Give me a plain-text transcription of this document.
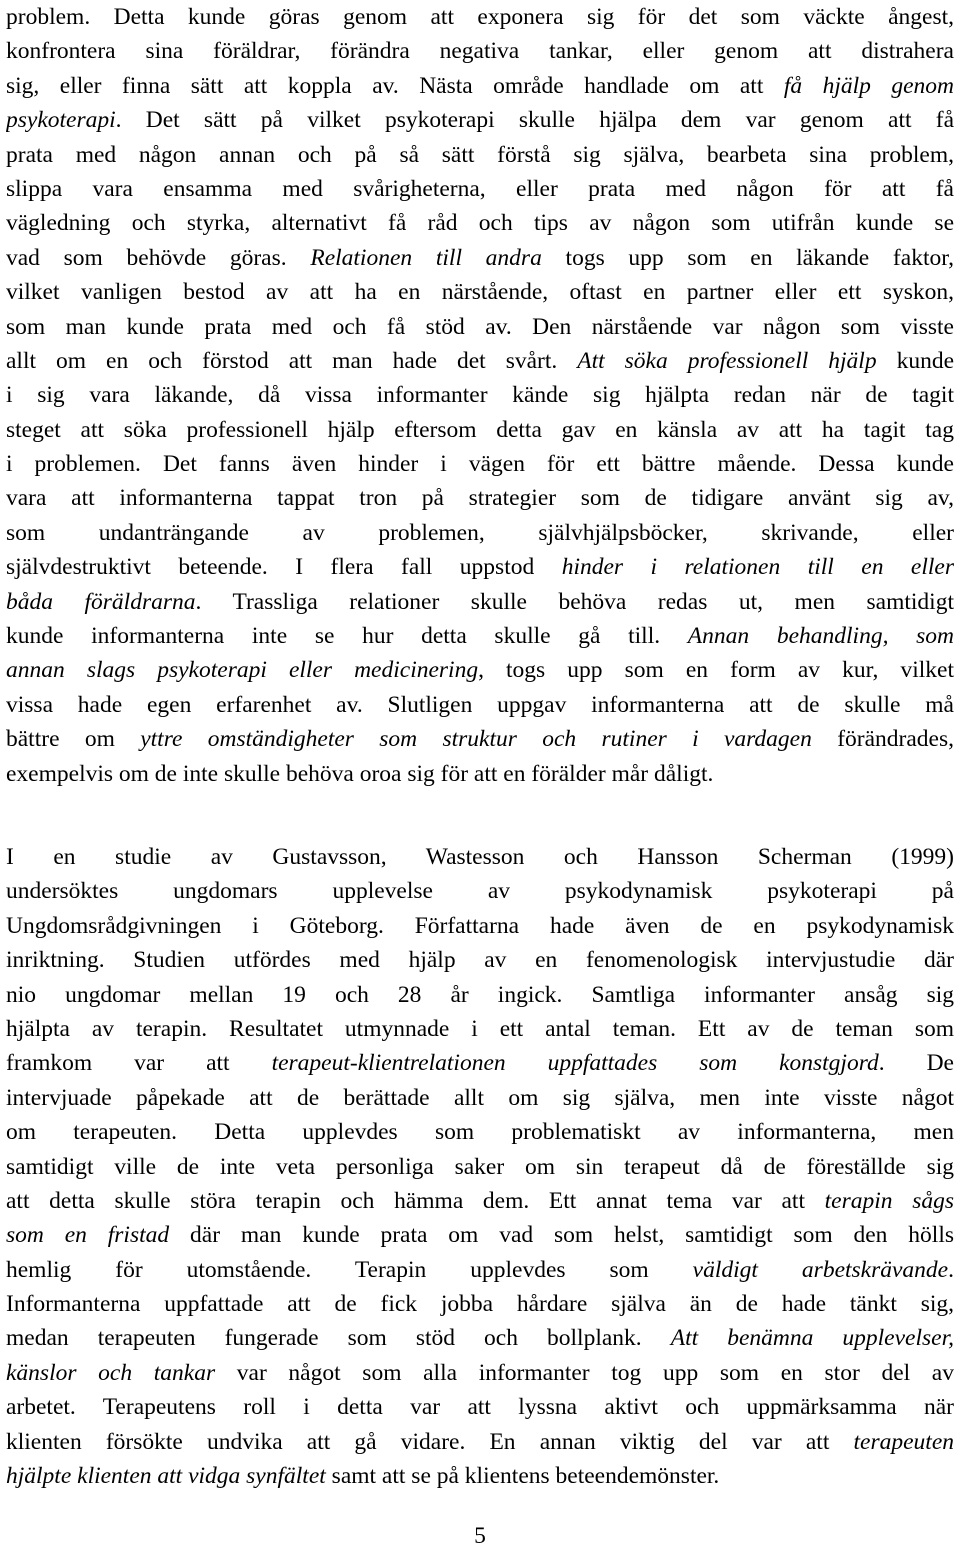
problem. Detta kunde göras genom att exponera sig för det som väckte ångest,
konfrontera sina föräldrar, förändra negativa tankar, eller genom att distrahera
sig, eller finna sätt att koppla av. Nästa område handlade om att få hjälp genom
psykoterapi. Det sätt på vilket psykoterapi skulle hjälpa dem var genom att få
prata med någon annan och på så sätt förstå sig själva, bearbeta sina problem,
slippa vara ensamma med svårigheterna, eller prata med någon för att få
vägledning och styrka, alternativt få råd och tips av någon som utifrån kunde se
vad som behövde göras. Relationen till andra togs upp som en läkande faktor,
vilket vanligen bestod av att ha en närstående, oftast en partner eller ett syskon,
som man kunde prata med och få stöd av. Den närstående var någon som visste
allt om en och förstod att man hade det svårt. Att söka professionell hjälp kunde
i sig vara läkande, då vissa informanter kände sig hjälpta redan när de tagit
steget att söka professionell hjälp eftersom detta gav en känsla av att ha tagit tag
i problemen. Det fanns även hinder i vägen för ett bättre mående. Dessa kunde
vara att informanterna tappat tron på strategier som de tidigare använt sig av,
som undanträngande av problemen, självhjälpsböcker, skrivande, eller
självdestruktivt beteende. I flera fall uppstod hinder i relationen till en eller
båda föräldrarna. Trassliga relationer skulle behöva redas ut, men samtidigt
kunde informanterna inte se hur detta skulle gå till. Annan behandling, som
annan slags psykoterapi eller medicinering, togs upp som en form av kur, vilket
vissa hade egen erfarenhet av. Slutligen uppgav informanterna att de skulle må
bättre om yttre omständigheter som struktur och rutiner i vardagen förändrades,
exempelvis om de inte skulle behöva oroa sig för att en förälder mår dåligt.
I en studie av Gustavsson, Wastesson och Hansson Scherman (1999)
undersöktes ungdomars upplevelse av psykodynamisk psykoterapi på
Ungdomsrådgivningen i Göteborg. Författarna hade även de en psykodynamisk
inriktning. Studien utfördes med hjälp av en fenomenologisk intervjustudie där
nio ungdomar mellan 19 och 28 år ingick. Samtliga informanter ansåg sig
hjälpta av terapin. Resultatet utmynnade i ett antal teman. Ett av de teman som
framkom var att terapeut-klientrelationen uppfattades som konstgjord. De
intervjuade påpekade att de berättade allt om sig själva, men inte visste något
om terapeuten. Detta upplevdes som problematiskt av informanterna, men
samtidigt ville de inte veta personliga saker om sin terapeut då de föreställde sig
att detta skulle störa terapin och hämma dem. Ett annat tema var att terapin sågs
som en fristad där man kunde prata om vad som helst, samtidigt som den hölls
hemlig för utomstående. Terapin upplevdes som väldigt arbetskrävande.
Informanterna uppfattade att de fick jobba hårdare själva än de hade tänkt sig,
medan terapeuten fungerade som stöd och bollplank. Att benämna upplevelser,
känslor och tankar var något som alla informanter tog upp som en stor del av
arbetet. Terapeutens roll i detta var att lyssna aktivt och uppmärksamma när
klienten försökte undvika att gå vidare. En annan viktig del var att terapeuten
hjälpte klienten att vidga synfältet samt att se på klientens beteendemönster.
5
